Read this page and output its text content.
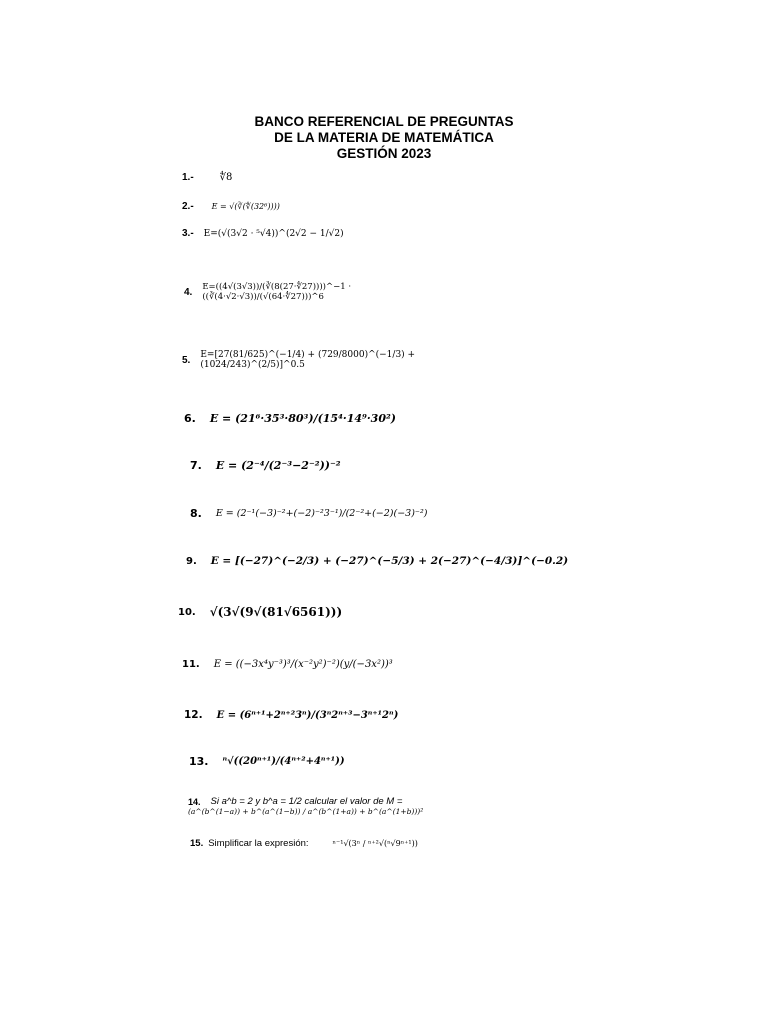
BANCO REFERENCIAL DE PREGUNTAS
DE LA MATERIA DE MATEMÁTICA
GESTIÓN 2023
1.-	∜8
2.- E = √(∛(∜(32⁶))))
3.- E=(√(3√2 · ⁵√4))^(2√2 − 1/√2)
4. E=((4√(3√3))/(∛(8(27·∜27))))^−1 · ((∛(4·√2·√3))/(√(64·∜27)))^6
5. E=[27(81/625)^(−1/4) + (729/8000)^(−1/3) + (1024/243)^(2/5)]^0.5
6. E = (21⁶·35³·80³)/(15⁴·14⁹·30²)
7. E = (2⁻⁴/(2⁻³−2⁻²))⁻²
8. E = (2⁻¹(−3)⁻²+(−2)⁻²3⁻¹)/(2⁻²+(−2)(−3)⁻²)
9. E = [(−27)^(−2/3) + (−27)^(−5/3) + 2(−27)^(−4/3)]^(−0.2)
10. √(3√(9√(81√6561)))
11. E = ((−3x⁴y⁻³)³/(x⁻²y²)⁻²)(y/(−3x²))³
12. E = (6ⁿ⁺¹+2ⁿ⁺²3ⁿ)/(3ⁿ2ⁿ⁺³−3ⁿ⁺¹2ⁿ)
13. ⁿ√((20ⁿ⁺¹)/(4ⁿ⁺²+4ⁿ⁺¹))
14. Si a^b = 2 y b^a = 1/2 calcular el valor de M =
(a^(b^(1−a)) + b^(a^(1−b)) / a^(b^(1+a)) + b^(a^(1+b)))²
15. Simplificar la expresión:	ⁿ⁻¹√(3ⁿ / ⁿ⁺²√(ⁿ√9ⁿ⁺¹))
